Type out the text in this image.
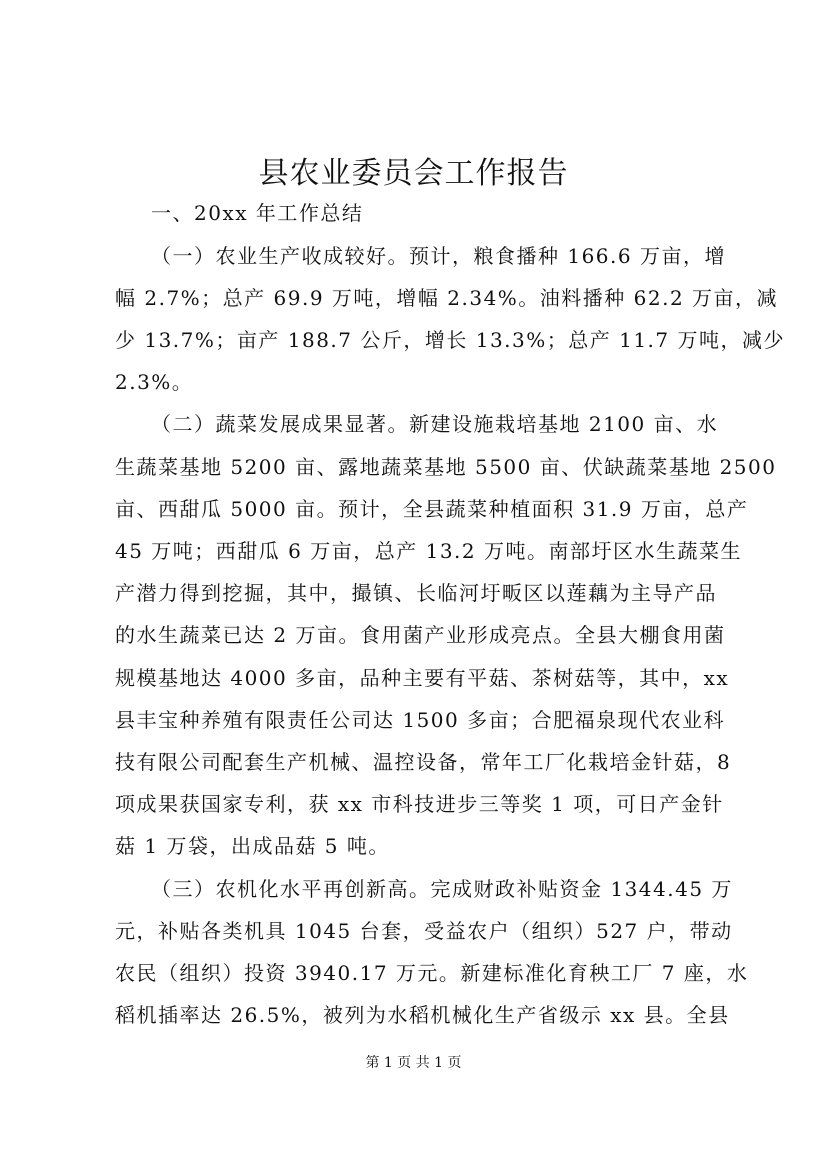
县农业委员会工作报告
一、20xx 年工作总结
（一）农业生产收成较好。预计，粮食播种 166.6 万亩，增
幅 2.7%；总产 69.9 万吨，增幅 2.34%。油料播种 62.2 万亩，减
少 13.7%；亩产 188.7 公斤，增长 13.3%；总产 11.7 万吨，减少
2.3%。
（二）蔬菜发展成果显著。新建设施栽培基地 2100 亩、水
生蔬菜基地 5200 亩、露地蔬菜基地 5500 亩、伏缺蔬菜基地 2500
亩、西甜瓜 5000 亩。预计，全县蔬菜种植面积 31.9 万亩，总产
45 万吨；西甜瓜 6 万亩，总产 13.2 万吨。南部圩区水生蔬菜生
产潜力得到挖掘，其中，撮镇、长临河圩畈区以莲藕为主导产品
的水生蔬菜已达 2 万亩。食用菌产业形成亮点。全县大棚食用菌
规模基地达 4000 多亩，品种主要有平菇、茶树菇等，其中，xx
县丰宝种养殖有限责任公司达 1500 多亩；合肥福泉现代农业科
技有限公司配套生产机械、温控设备，常年工厂化栽培金针菇，8
项成果获国家专利，获 xx 市科技进步三等奖 1 项，可日产金针
菇 1 万袋，出成品菇 5 吨。
（三）农机化水平再创新高。完成财政补贴资金 1344.45 万
元，补贴各类机具 1045 台套，受益农户（组织）527 户，带动
农民（组织）投资 3940.17 万元。新建标准化育秧工厂 7 座，水
稻机插率达 26.5%，被列为水稻机械化生产省级示 xx 县。全县
第 1 页 共 1 页
